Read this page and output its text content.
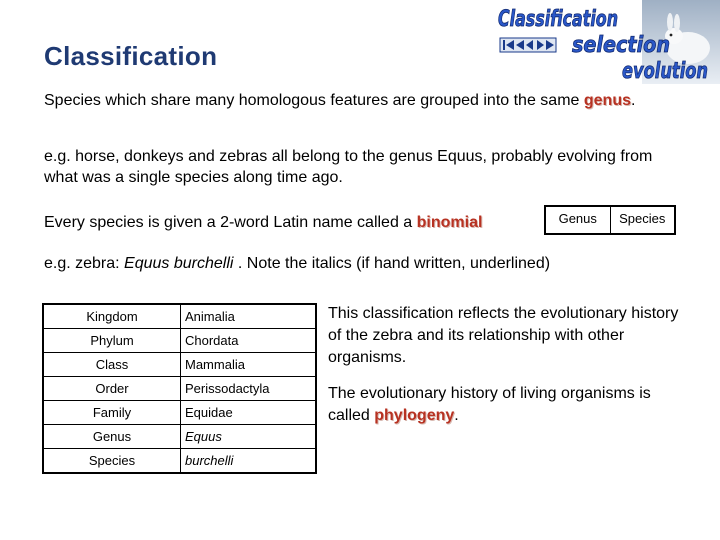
Classification
selection
evolution
Classification
Species which share many homologous features are grouped into the same genus.
e.g. horse, donkeys and zebras all belong to the genus Equus, probably evolving from what was a single species along time ago.
Every species is given a 2-word Latin name called a binomial	Genus	Species
e.g. zebra: Equus burchelli . Note the italics (if hand written, underlined)
Kingdom	Animalia
Phylum	Chordata
Class	Mammalia
Order	Perissodactyla
Family	Equidae
Genus	Equus
Species	burchelli
This classification reflects the evolutionary history of the zebra and its relationship with other organisms.
The evolutionary history of living organisms is called phylogeny.
